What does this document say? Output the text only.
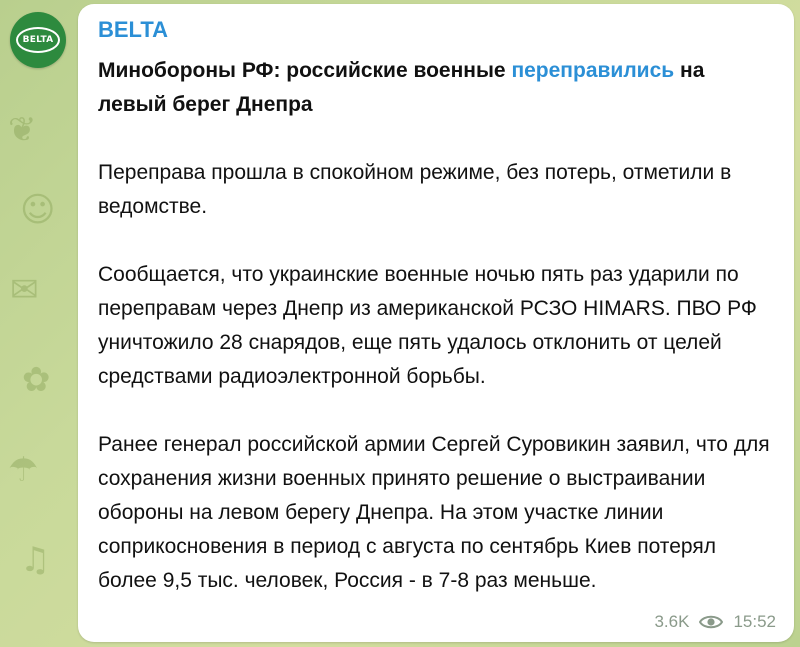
❦
☺
✉
✿
☂
♫
BELTA BELTA

Минобороны РФ: российские военные переправились на левый берег Днепра

Переправа прошла в спокойном режиме, без потерь, отметили в ведомстве.

Сообщается, что украинские военные ночью пять раз ударили по переправам через Днепр из американской РСЗО HIMARS. ПВО РФ уничтожило 28 снарядов, еще пять удалось отклонить от целей средствами радиоэлектронной борьбы.

Ранее генерал российской армии Сергей Суровикин заявил, что для сохранения жизни военных принято решение о выстраивании обороны на левом берегу Днепра. На этом участке линии соприкосновения в период с августа по сентябрь Киев потерял более 9,5 тыс. человек, Россия - в 7-8 раз меньше.

3.6K	15:52
